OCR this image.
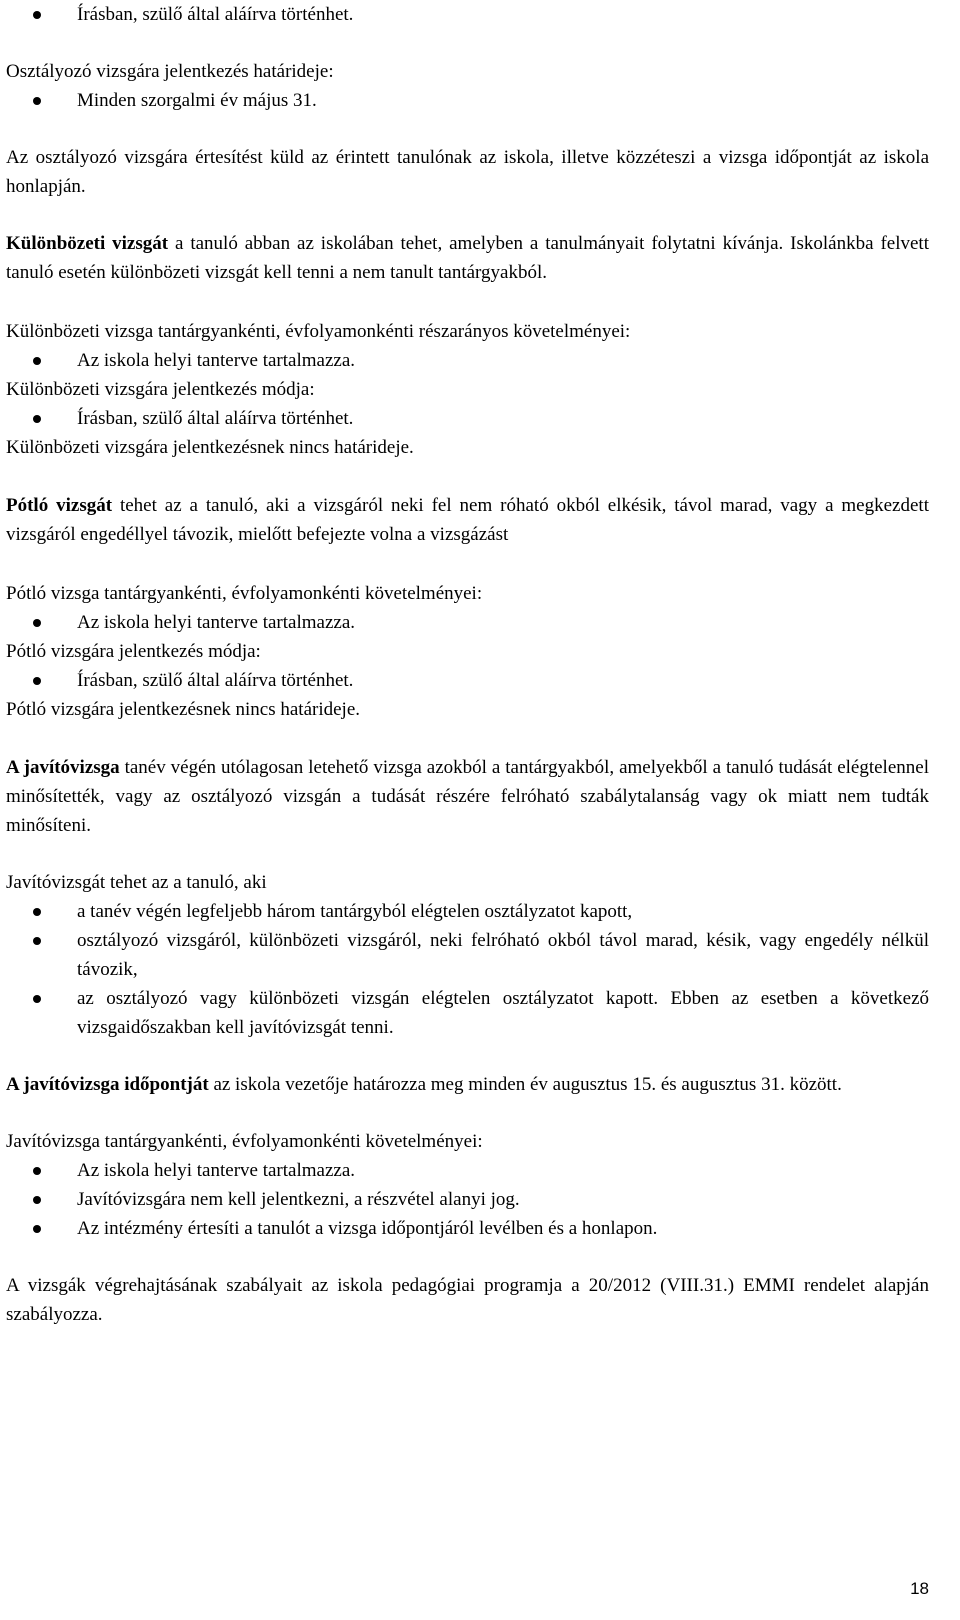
Írásban, szülő által aláírva történhet.

Osztályozó vizsgára jelentkezés határideje:

Minden szorgalmi év május 31.

Az osztályozó vizsgára értesítést küld az érintett tanulónak az iskola, illetve közzéteszi a vizsga időpontját az iskola honlapján.

Különbözeti vizsgát a tanuló abban az iskolában tehet, amelyben a tanulmányait folytatni kívánja. Iskolánkba felvett tanuló esetén különbözeti vizsgát kell tenni a nem tanult tantárgyakból.

Különbözeti vizsga tantárgyankénti, évfolyamonkénti részarányos követelményei:

Az iskola helyi tanterve tartalmazza.

Különbözeti vizsgára jelentkezés módja:

Írásban, szülő által aláírva történhet.

Különbözeti vizsgára jelentkezésnek nincs határideje.

Pótló vizsgát tehet az a tanuló, aki a vizsgáról neki fel nem róható okból elkésik, távol marad, vagy a megkezdett vizsgáról engedéllyel távozik, mielőtt befejezte volna a vizsgázást

Pótló vizsga tantárgyankénti, évfolyamonkénti követelményei:

Az iskola helyi tanterve tartalmazza.

Pótló vizsgára jelentkezés módja:

Írásban, szülő által aláírva történhet.

Pótló vizsgára jelentkezésnek nincs határideje.

A javítóvizsga tanév végén utólagosan letehető vizsga azokból a tantárgyakból, amelyekből a tanuló tudását elégtelennel minősítették, vagy az osztályozó vizsgán a tudását részére felróható szabálytalanság vagy ok miatt nem tudták minősíteni.

Javítóvizsgát tehet az a tanuló, aki

a tanév végén legfeljebb három tantárgyból elégtelen osztályzatot kapott,
osztályozó vizsgáról, különbözeti vizsgáról, neki felróható okból távol marad, késik, vagy engedély nélkül távozik,
az osztályozó vagy különbözeti vizsgán elégtelen osztályzatot kapott. Ebben az esetben a következő vizsgaidőszakban kell javítóvizsgát tenni.

A javítóvizsga időpontját az iskola vezetője határozza meg minden év augusztus 15. és augusztus 31. között.

Javítóvizsga tantárgyankénti, évfolyamonkénti követelményei:

Az iskola helyi tanterve tartalmazza.
Javítóvizsgára nem kell jelentkezni, a részvétel alanyi jog.
Az intézmény értesíti a tanulót a vizsga időpontjáról levélben és a honlapon.

A vizsgák végrehajtásának szabályait az iskola pedagógiai programja a 20/2012 (VIII.31.) EMMI rendelet alapján szabályozza.

18
